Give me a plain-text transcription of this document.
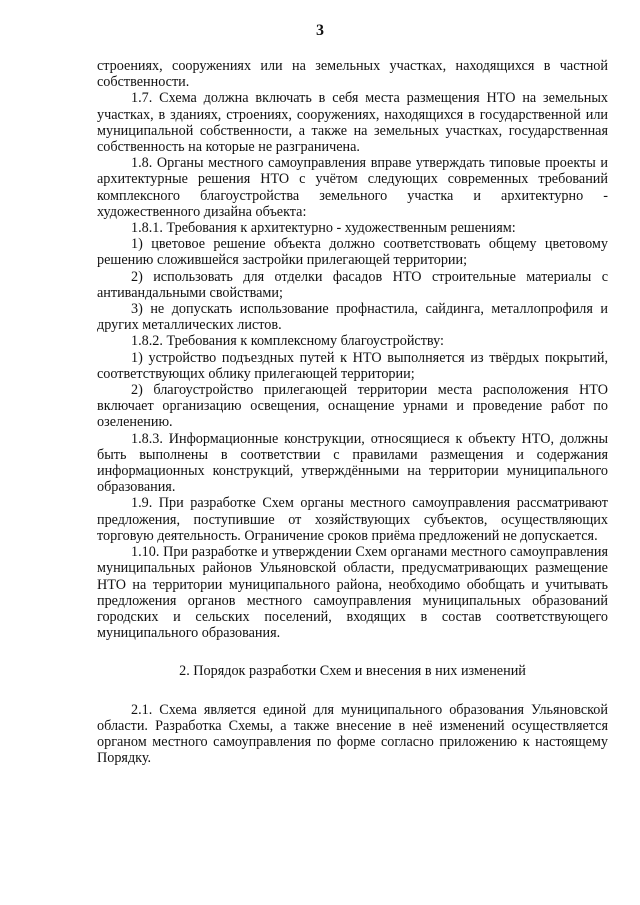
3

строениях, сооружениях или на земельных участках, находящихся в частной собственности.

1.7. Схема должна включать в себя места размещения НТО на земельных участках, в зданиях, строениях, сооружениях, находящихся в государственной или муниципальной собственности, а также на земельных участках, государственная собственность на которые не разграничена.

1.8. Органы местного самоуправления вправе утверждать типовые проекты и архитектурные решения НТО с учётом следующих современных требований комплексного благоустройства земельного участка и архитектурно - художественного дизайна объекта:

1.8.1. Требования к архитектурно - художественным решениям:

1) цветовое решение объекта должно соответствовать общему цветовому решению сложившейся застройки прилегающей территории;

2) использовать для отделки фасадов НТО строительные материалы с антивандальными свойствами;

3) не допускать использование профнастила, сайдинга, металлопрофиля и других металлических листов.

1.8.2. Требования к комплексному благоустройству:

1) устройство подъездных путей к НТО выполняется из твёрдых покрытий, соответствующих облику прилегающей территории;

2) благоустройство прилегающей территории места расположения НТО включает организацию освещения, оснащение урнами и проведение работ по озеленению.

1.8.3. Информационные конструкции, относящиеся к объекту НТО, должны быть выполнены в соответствии с правилами размещения и содержания информационных конструкций, утверждёнными на территории муниципального образования.

1.9. При разработке Схем органы местного самоуправления рассматривают предложения, поступившие от хозяйствующих субъектов, осуществляющих торговую деятельность. Ограничение сроков приёма предложений не допускается.

1.10. При разработке и утверждении Схем органами местного самоуправления муниципальных районов Ульяновской области, предусматривающих размещение НТО на территории муниципального района, необходимо обобщать и учитывать предложения органов местного самоуправления муниципальных образований городских и сельских поселений, входящих в состав соответствующего муниципального образования.

2. Порядок разработки Схем и внесения в них изменений

2.1. Схема является единой для муниципального образования Ульяновской области. Разработка Схемы, а также внесение в неё изменений осуществляется органом местного самоуправления по форме согласно приложению к настоящему Порядку.
